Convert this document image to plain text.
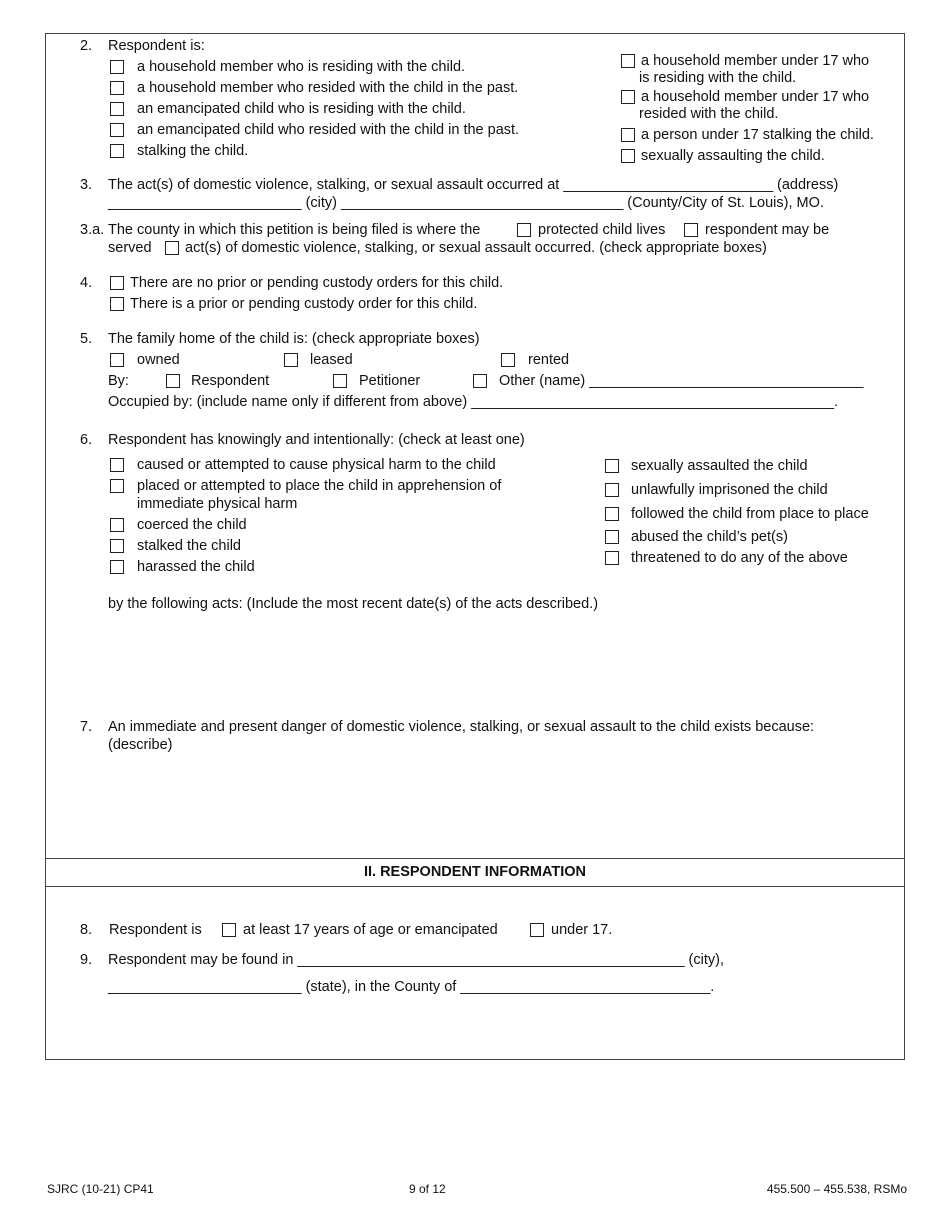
2. Respondent is:
a household member who is residing with the child.
a household member who resided with the child in the past.
an emancipated child who is residing with the child.
an emancipated child who resided with the child in the past.
stalking the child.
a household member under 17 who
is residing with the child.
a household member under 17 who
resided with the child.
a person under 17 stalking the child.
sexually assaulting the child.
3. The act(s) of domestic violence, stalking, or sexual assault occurred at __________________________ (address)
________________________ (city) ___________________________________ (County/City of St. Louis), MO.
3.a. The county in which this petition is being filed is where the	protected child lives	respondent may be
served act(s) of domestic violence, stalking, or sexual assault occurred. (check appropriate boxes)
4.	There are no prior or pending custody orders for this child.
There is a prior or pending custody order for this child.
5. The family home of the child is: (check appropriate boxes)
owned	leased	rented
By:	Respondent	Petitioner	Other (name) __________________________________
Occupied by: (include name only if different from above) _____________________________________________.
6. Respondent has knowingly and intentionally: (check at least one)
caused or attempted to cause physical harm to the child
placed or attempted to place the child in apprehension of
immediate physical harm
coerced the child
stalked the child
harassed the child
sexually assaulted the child
unlawfully imprisoned the child
followed the child from place to place
abused the child’s pet(s)
threatened to do any of the above
by the following acts: (Include the most recent date(s) of the acts described.)
7. An immediate and present danger of domestic violence, stalking, or sexual assault to the child exists because:
(describe)
II. RESPONDENT INFORMATION
8. Respondent is	at least 17 years of age or emancipated	under 17.
9. Respondent may be found in ________________________________________________ (city),
________________________ (state), in the County of _______________________________.
SJRC (10-21) CP41	9 of 12	455.500 – 455.538, RSMo
